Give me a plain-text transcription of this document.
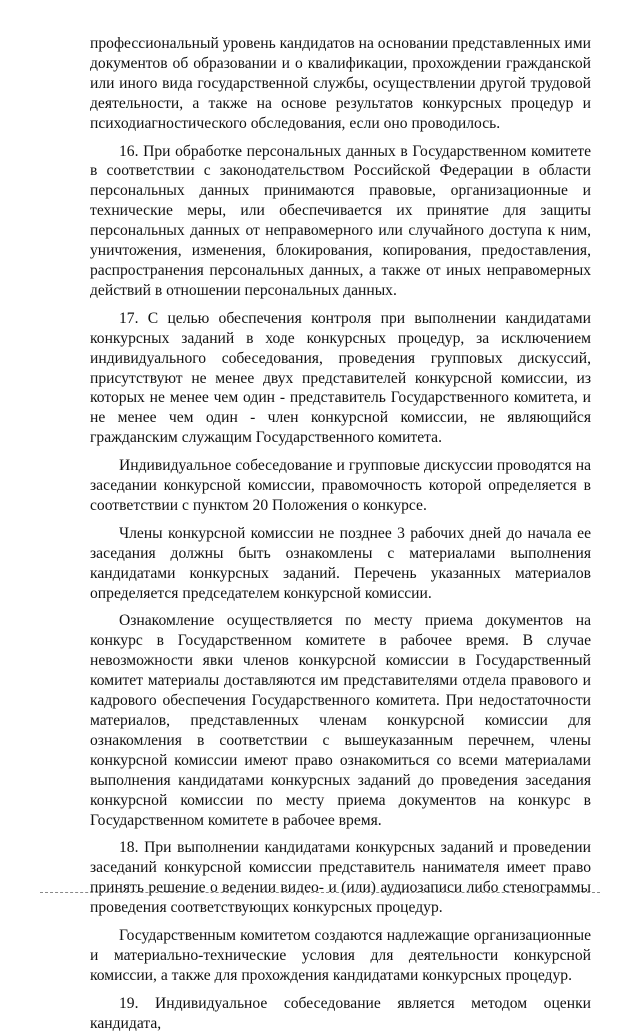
профессиональный уровень кандидатов на основании представленных ими документов об образовании и о квалификации, прохождении гражданской или иного вида государственной службы, осуществлении другой трудовой деятельности, а также на основе результатов конкурсных процедур и психодиагностического обследования, если оно проводилось.

16. При обработке персональных данных в Государственном комитете в соответствии с законодательством Российской Федерации в области персональных данных принимаются правовые, организационные и технические меры, или обеспечивается их принятие для защиты персональных данных от неправомерного или случайного доступа к ним, уничтожения, изменения, блокирования, копирования, предоставления, распространения персональных данных, а также от иных неправомерных действий в отношении персональных данных.

17. С целью обеспечения контроля при выполнении кандидатами конкурсных заданий в ходе конкурсных процедур, за исключением индивидуального собеседования, проведения групповых дискуссий, присутствуют не менее двух представителей конкурсной комиссии, из которых не менее чем один - представитель Государственного комитета, и не менее чем один - член конкурсной комиссии, не являющийся гражданским служащим Государственного комитета.

Индивидуальное собеседование и групповые дискуссии проводятся на заседании конкурсной комиссии, правомочность которой определяется в соответствии с пунктом 20 Положения о конкурсе.

Члены конкурсной комиссии не позднее 3 рабочих дней до начала ее заседания должны быть ознакомлены с материалами выполнения кандидатами конкурсных заданий. Перечень указанных материалов определяется председателем конкурсной комиссии.

Ознакомление осуществляется по месту приема документов на конкурс в Государственном комитете в рабочее время. В случае невозможности явки членов конкурсной комиссии в Государственный комитет материалы доставляются им представителями отдела правового и кадрового обеспечения Государственного комитета. При недостаточности материалов, представленных членам конкурсной комиссии для ознакомления в соответствии с вышеуказанным перечнем, члены конкурсной комиссии имеют право ознакомиться со всеми материалами выполнения кандидатами конкурсных заданий до проведения заседания конкурсной комиссии по месту приема документов на конкурс в Государственном комитете в рабочее время.

18. При выполнении кандидатами конкурсных заданий и проведении заседаний конкурсной комиссии представитель нанимателя имеет право принять решение о ведении видео- и (или) аудиозаписи либо стенограммы проведения соответствующих конкурсных процедур.

Государственным комитетом создаются надлежащие организационные и материально-технические условия для деятельности конкурсной комиссии, а также для прохождения кандидатами конкурсных процедур.

19. Индивидуальное собеседование является методом оценки кандидата,
